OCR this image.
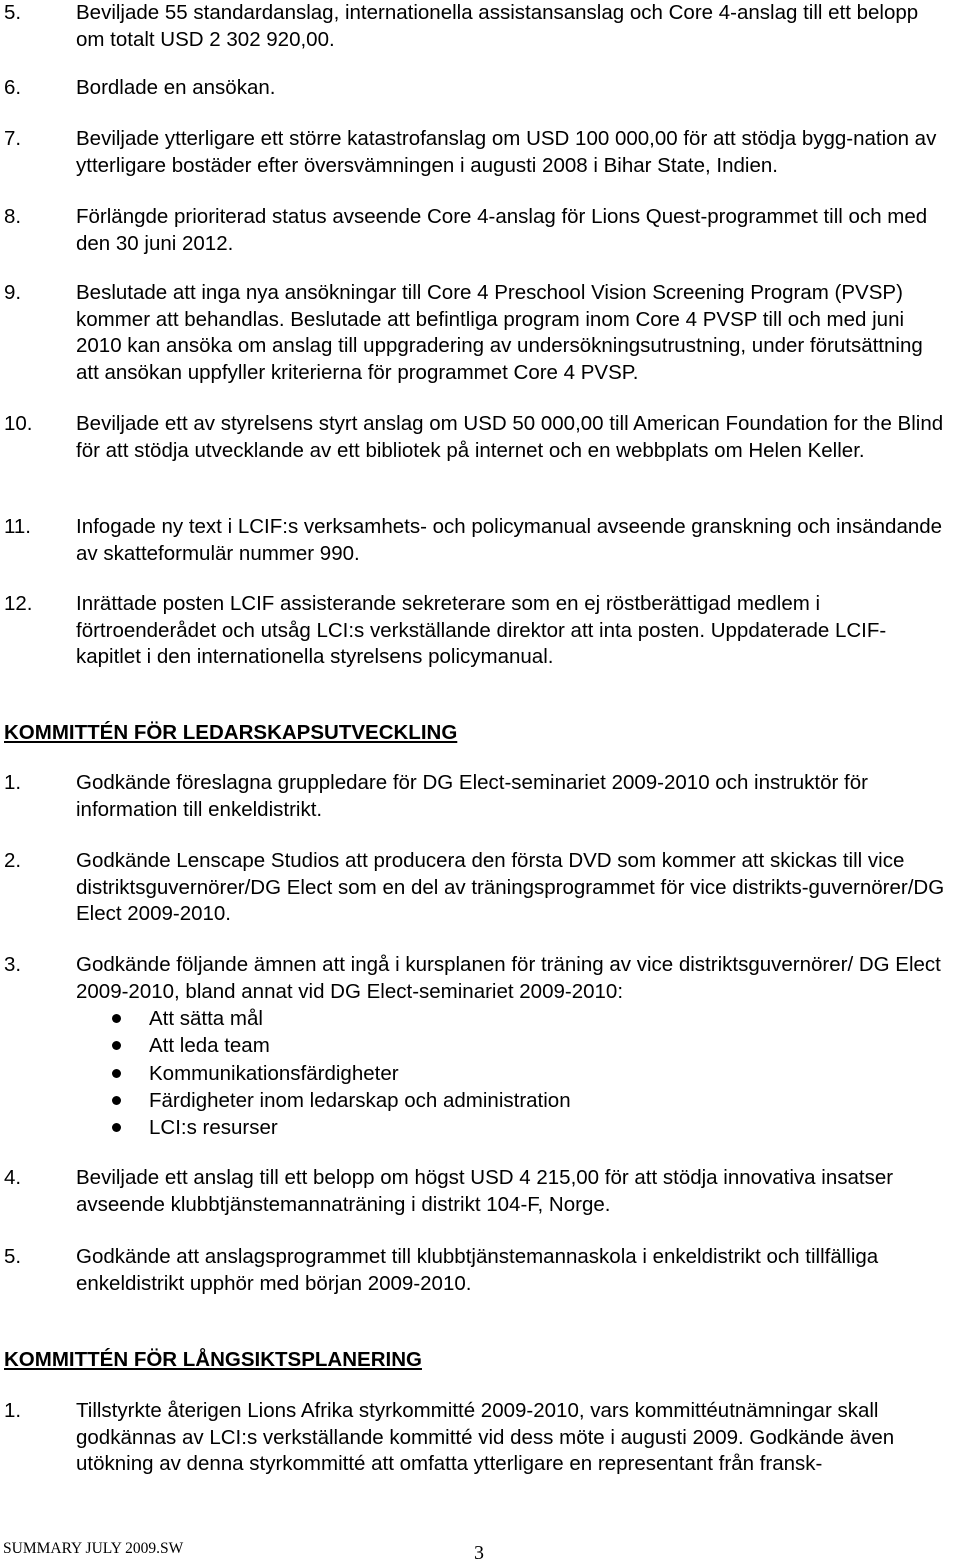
5.	Beviljade 55 standardanslag, internationella assistansanslag och Core 4-anslag till ett belopp om totalt USD 2 302 920,00.
6.	Bordlade en ansökan.
7.	Beviljade ytterligare ett större katastrofanslag om USD 100 000,00 för att stödja bygg-nation av ytterligare bostäder efter översvämningen i augusti 2008 i Bihar State, Indien.
8.	Förlängde prioriterad status avseende Core 4-anslag för Lions Quest-programmet till och med den 30 juni 2012.
9.	Beslutade att inga nya ansökningar till Core 4 Preschool Vision Screening Program (PVSP) kommer att behandlas. Beslutade att befintliga program inom Core 4 PVSP till och med juni 2010 kan ansöka om anslag till uppgradering av undersökningsutrustning, under förutsättning att ansökan uppfyller kriterierna för programmet Core 4 PVSP.
10. Beviljade ett av styrelsens styrt anslag om USD 50 000,00 till American Foundation for the Blind för att stödja utvecklande av ett bibliotek på internet och en webbplats om Helen Keller.
11. Infogade ny text i LCIF:s verksamhets- och policymanual avseende granskning och insändande av skatteformulär nummer 990.
12. Inrättade posten LCIF assisterande sekreterare som en ej röstberättigad medlem i förtroenderådet och utsåg LCI:s verkställande direktor att inta posten. Uppdaterade LCIF-kapitlet i den internationella styrelsens policymanual.
KOMMITTÉN FÖR LEDARSKAPSUTVECKLING
1.	Godkände föreslagna gruppledare för DG Elect-seminariet 2009-2010 och instruktör för information till enkeldistrikt.
2.	Godkände Lenscape Studios att producera den första DVD som kommer att skickas till vice distriktsguvernörer/DG Elect som en del av träningsprogrammet för vice distrikts-guvernörer/DG Elect 2009-2010.
3.	Godkände följande ämnen att ingå i kursplanen för träning av vice distriktsguvernörer/ DG Elect 2009-2010, bland annat vid DG Elect-seminariet 2009-2010:
Att sätta mål
Att leda team
Kommunikationsfärdigheter
Färdigheter inom ledarskap och administration
LCI:s resurser
4.	Beviljade ett anslag till ett belopp om högst USD 4 215,00 för att stödja innovativa insatser avseende klubbtjänstemannaträning i distrikt 104-F, Norge.
5.	Godkände att anslagsprogrammet till klubbtjänstemannaskola i enkeldistrikt och tillfälliga enkeldistrikt upphör med början 2009-2010.
KOMMITTÉN FÖR LÅNGSIKTSPLANERING
1.	Tillstyrkte återigen Lions Afrika styrkommitté 2009-2010, vars kommittéutnämningar skall godkännas av LCI:s verkställande kommitté vid dess möte i augusti 2009. Godkände även utökning av denna styrkommitté att omfatta ytterligare en representant från fransk-
SUMMARY JULY 2009.SW	3
